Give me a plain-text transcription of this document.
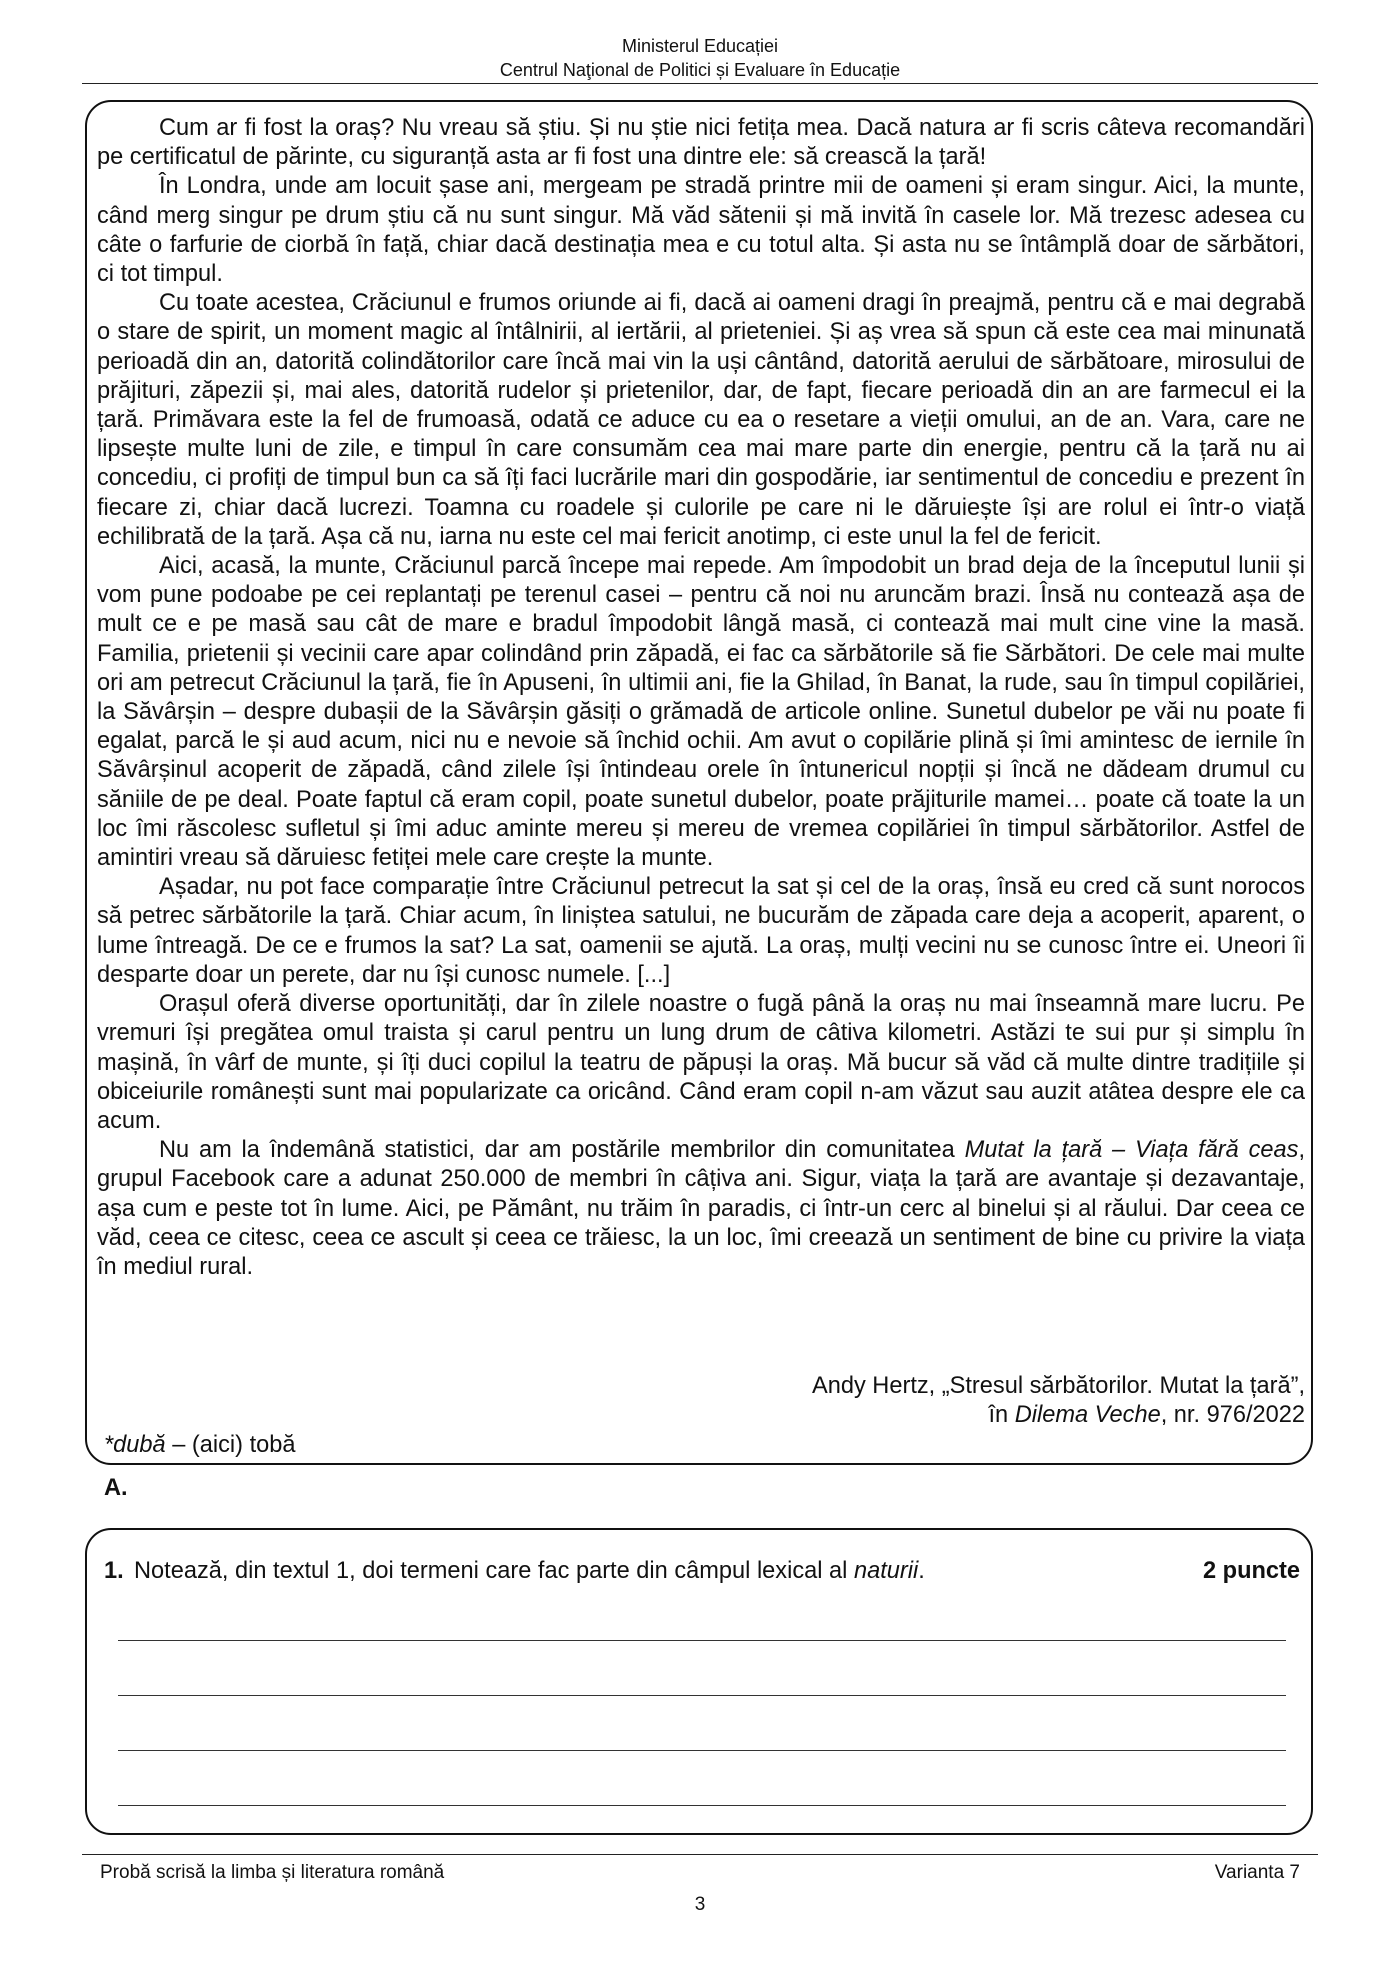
Ministerul Educației
Centrul Naţional de Politici și Evaluare în Educație

Cum ar fi fost la oraș? Nu vreau să știu. Și nu știe nici fetița mea. Dacă natura ar fi scris câteva recomandări pe certificatul de părinte, cu siguranță asta ar fi fost una dintre ele: să crească la țară!

În Londra, unde am locuit șase ani, mergeam pe stradă printre mii de oameni și eram singur. Aici, la munte, când merg singur pe drum știu că nu sunt singur. Mă văd sătenii și mă invită în casele lor. Mă trezesc adesea cu câte o farfurie de ciorbă în față, chiar dacă destinația mea e cu totul alta. Și asta nu se întâmplă doar de sărbători, ci tot timpul.

Cu toate acestea, Crăciunul e frumos oriunde ai fi, dacă ai oameni dragi în preajmă, pentru că e mai degrabă o stare de spirit, un moment magic al întâlnirii, al iertării, al prieteniei. Și aș vrea să spun că este cea mai minunată perioadă din an, datorită colindătorilor care încă mai vin la uși cântând, datorită aerului de sărbătoare, mirosului de prăjituri, zăpezii și, mai ales, datorită rudelor și prietenilor, dar, de fapt, fiecare perioadă din an are farmecul ei la țară. Primăvara este la fel de frumoasă, odată ce aduce cu ea o resetare a vieții omului, an de an. Vara, care ne lipsește multe luni de zile, e timpul în care consumăm cea mai mare parte din energie, pentru că la țară nu ai concediu, ci profiți de timpul bun ca să îți faci lucrările mari din gospodărie, iar sentimentul de concediu e prezent în fiecare zi, chiar dacă lucrezi. Toamna cu roadele și culorile pe care ni le dăruiește își are rolul ei într-o viață echilibrată de la țară. Așa că nu, iarna nu este cel mai fericit anotimp, ci este unul la fel de fericit.

Aici, acasă, la munte, Crăciunul parcă începe mai repede. Am împodobit un brad deja de la începutul lunii și vom pune podoabe pe cei replantați pe terenul casei – pentru că noi nu aruncăm brazi. Însă nu contează așa de mult ce e pe masă sau cât de mare e bradul împodobit lângă masă, ci contează mai mult cine vine la masă. Familia, prietenii și vecinii care apar colindând prin zăpadă, ei fac ca sărbătorile să fie Sărbători. De cele mai multe ori am petrecut Crăciunul la țară, fie în Apuseni, în ultimii ani, fie la Ghilad, în Banat, la rude, sau în timpul copilăriei, la Săvârșin – despre dubașii de la Săvârșin găsiți o grămadă de articole online. Sunetul dubelor pe văi nu poate fi egalat, parcă le și aud acum, nici nu e nevoie să închid ochii. Am avut o copilărie plină și îmi amintesc de iernile în Săvârșinul acoperit de zăpadă, când zilele își întindeau orele în întunericul nopții și încă ne dădeam drumul cu săniile de pe deal. Poate faptul că eram copil, poate sunetul dubelor, poate prăjiturile mamei… poate că toate la un loc îmi răscolesc sufletul și îmi aduc aminte mereu și mereu de vremea copilăriei în timpul sărbătorilor. Astfel de amintiri vreau să dăruiesc fetiței mele care crește la munte.

Așadar, nu pot face comparație între Crăciunul petrecut la sat și cel de la oraș, însă eu cred că sunt norocos să petrec sărbătorile la țară. Chiar acum, în liniștea satului, ne bucurăm de zăpada care deja a acoperit, aparent, o lume întreagă. De ce e frumos la sat? La sat, oamenii se ajută. La oraș, mulți vecini nu se cunosc între ei. Uneori îi desparte doar un perete, dar nu își cunosc numele. [...]

Orașul oferă diverse oportunități, dar în zilele noastre o fugă până la oraș nu mai înseamnă mare lucru. Pe vremuri își pregătea omul traista și carul pentru un lung drum de câtiva kilometri. Astăzi te sui pur și simplu în mașină, în vârf de munte, și îți duci copilul la teatru de păpuși la oraș. Mă bucur să văd că multe dintre tradițiile și obiceiurile românești sunt mai popularizate ca oricând. Când eram copil n-am văzut sau auzit atâtea despre ele ca acum.

Nu am la îndemână statistici, dar am postările membrilor din comunitatea Mutat la țară – Viața fără ceas, grupul Facebook care a adunat 250.000 de membri în câțiva ani. Sigur, viața la țară are avantaje și dezavantaje, așa cum e peste tot în lume. Aici, pe Pământ, nu trăim în paradis, ci într-un cerc al binelui și al răului. Dar ceea ce văd, ceea ce citesc, ceea ce ascult și ceea ce trăiesc, la un loc, îmi creează un sentiment de bine cu privire la viața în mediul rural.

Andy Hertz, „Stresul sărbătorilor. Mutat la țară”,
în Dilema Veche, nr. 976/2022
*dubă – (aici) tobă
A.
1. Notează, din textul 1, doi termeni care fac parte din câmpul lexical al naturii.	2 puncte
Probă scrisă la limba și literatura română	Varianta 7
3
